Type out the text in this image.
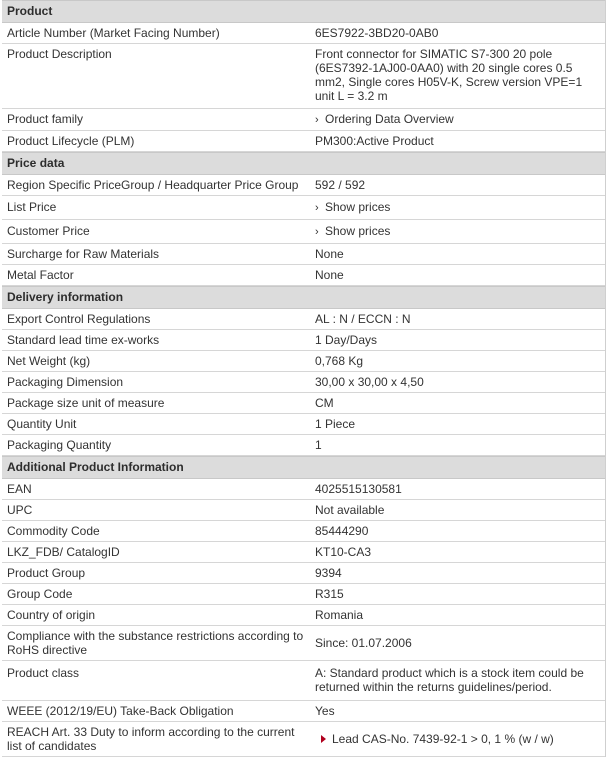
Product
Article Number (Market Facing Number)	6ES7922-3BD20-0AB0
Product Description	Front connector for SIMATIC S7-300 20 pole (6ES7392-1AJ00-0AA0) with 20 single cores 0.5 mm2, Single cores H05V-K, Screw version VPE=1 unit L = 3.2 m
Product family	› Ordering Data Overview
Product Lifecycle (PLM)	PM300:Active Product
Price data
Region Specific PriceGroup / Headquarter Price Group	592 / 592
List Price	› Show prices
Customer Price	› Show prices
Surcharge for Raw Materials	None
Metal Factor	None
Delivery information
Export Control Regulations	AL : N / ECCN : N
Standard lead time ex-works	1 Day/Days
Net Weight (kg)	0,768 Kg
Packaging Dimension	30,00 x 30,00 x 4,50
Package size unit of measure	CM
Quantity Unit	1 Piece
Packaging Quantity	1
Additional Product Information
EAN	4025515130581
UPC	Not available
Commodity Code	85444290
LKZ_FDB/ CatalogID	KT10-CA3
Product Group	9394
Group Code	R315
Country of origin	Romania
Compliance with the substance restrictions according to RoHS directive	Since: 01.07.2006
Product class	A: Standard product which is a stock item could be returned within the returns guidelines/period.
WEEE (2012/19/EU) Take-Back Obligation	Yes
REACH Art. 33 Duty to inform according to the current list of candidates	Lead CAS-No. 7439-92-1 > 0, 1 % (w / w)
